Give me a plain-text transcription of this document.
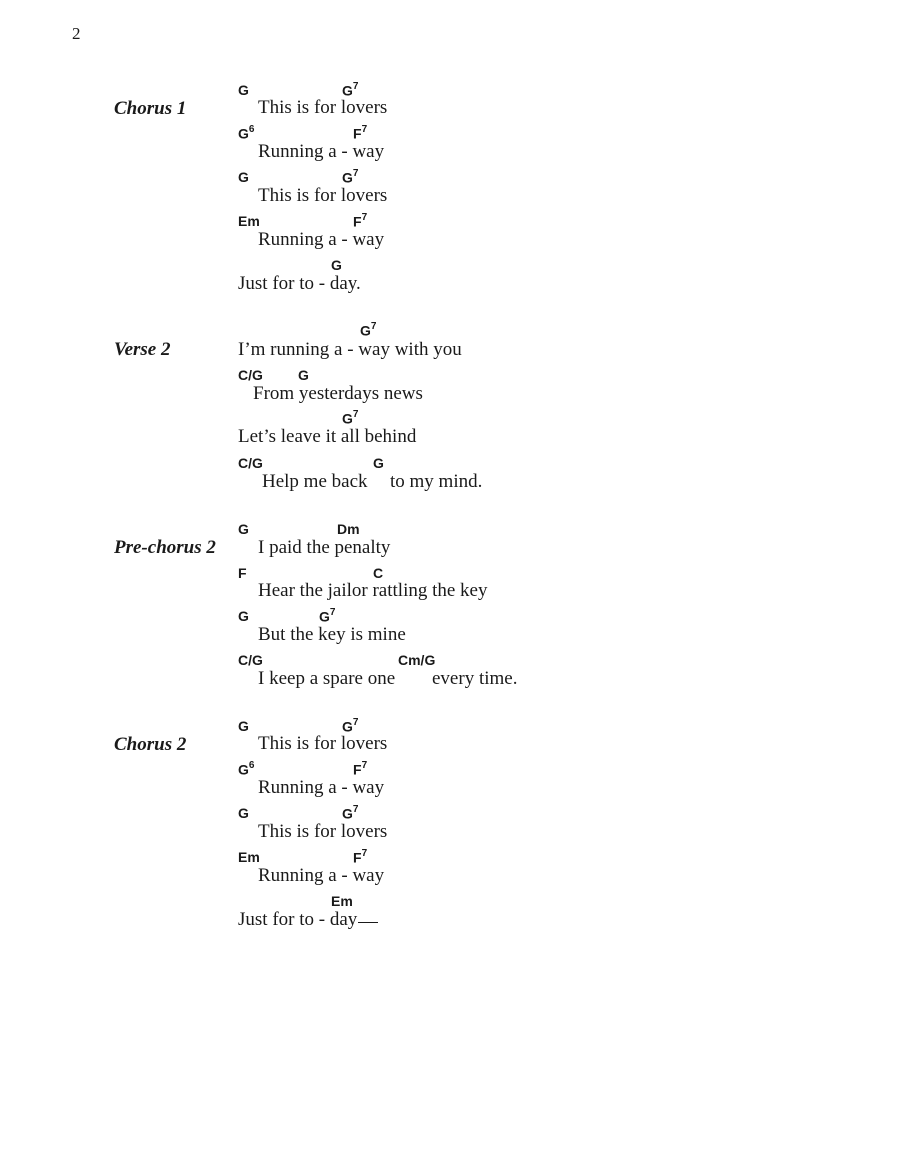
2
Chorus 1
G	$G^7$
This is for lovers
$G^6$	$F^7$
Running a - way
G	$G^7$
This is for lovers
Em	$F^7$
Running a - way
G
Just for to - day.
Verse 2
$G^7$
I’m running a - way with you
C/G	G
From yesterdays news
$G^7$
Let’s leave it all behind
C/G	G
Help me back to my mind.
Pre-chorus 2
G	Dm
I paid the penalty
F	C
Hear the jailor rattling the key
G	$G^7$
But the key is mine
C/G	Cm/G
I keep a spare one every time.
Chorus 2
G	$G^7$
This is for lovers
$G^6$	$F^7$
Running a - way
G	$G^7$
This is for lovers
Em	$F^7$
Running a - way
Em
Just for to - day
